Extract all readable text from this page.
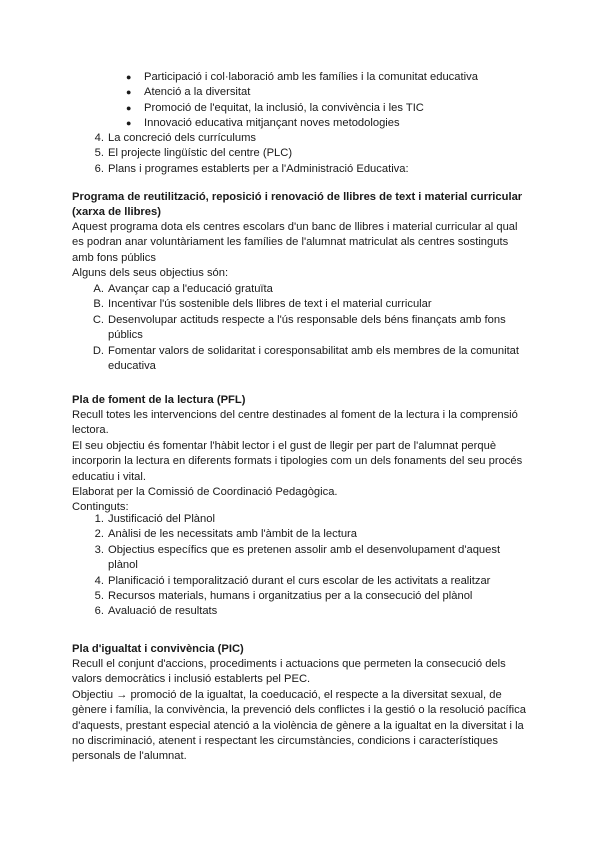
● Participació i col·laboració amb les famílies i la comunitat educativa
● Atenció a la diversitat
● Promoció de l'equitat, la inclusió, la convivència i les TIC
● Innovació educativa mitjançant noves metodologies
4. La concreció dels currículums
5. El projecte lingüístic del centre (PLC)
6. Plans i programes establerts per a l'Administració Educativa:
Programa de reutilització, reposició i renovació de llibres de text i material curricular
(xarxa de llibres)
Aquest programa dota els centres escolars d'un banc de llibres i material curricular al qual
es podran anar voluntàriament les famílies de l'alumnat matriculat als centres sostinguts
amb fons públics
Alguns dels seus objectius són:
A. Avançar cap a l'educació gratuïta
B. Incentivar l'ús sostenible dels llibres de text i el material curricular
C. Desenvolupar actituds respecte a l'ús responsable dels béns finançats amb fons
públics
D. Fomentar valors de solidaritat i coresponsabilitat amb els membres de la comunitat
educativa
Pla de foment de la lectura (PFL)
Recull totes les intervencions del centre destinades al foment de la lectura i la comprensió
lectora.
El seu objectiu és fomentar l'hàbit lector i el gust de llegir per part de l'alumnat perquè
incorporin la lectura en diferents formats i tipologies com un dels fonaments del seu procés
educatiu i vital.
Elaborat per la Comissió de Coordinació Pedagògica.
Continguts:
1. Justificació del Plànol
2. Anàlisi de les necessitats amb l'àmbit de la lectura
3. Objectius específics que es pretenen assolir amb el desenvolupament d'aquest
plànol
4. Planificació i temporalització durant el curs escolar de les activitats a realitzar
5. Recursos materials, humans i organitzatius per a la consecució del plànol
6. Avaluació de resultats
Pla d'igualtat i convivència (PIC)
Recull el conjunt d'accions, procediments i actuacions que permeten la consecució dels
valors democràtics i inclusió establerts pel PEC.
Objectiu → promoció de la igualtat, la coeducació, el respecte a la diversitat sexual, de
gènere i família, la convivència, la prevenció dels conflictes i la gestió o la resolució pacífica
d'aquests, prestant especial atenció a la violència de gènere a la igualtat en la diversitat i la
no discriminació, atenent i respectant les circumstàncies, condicions i característiques
personals de l'alumnat.
